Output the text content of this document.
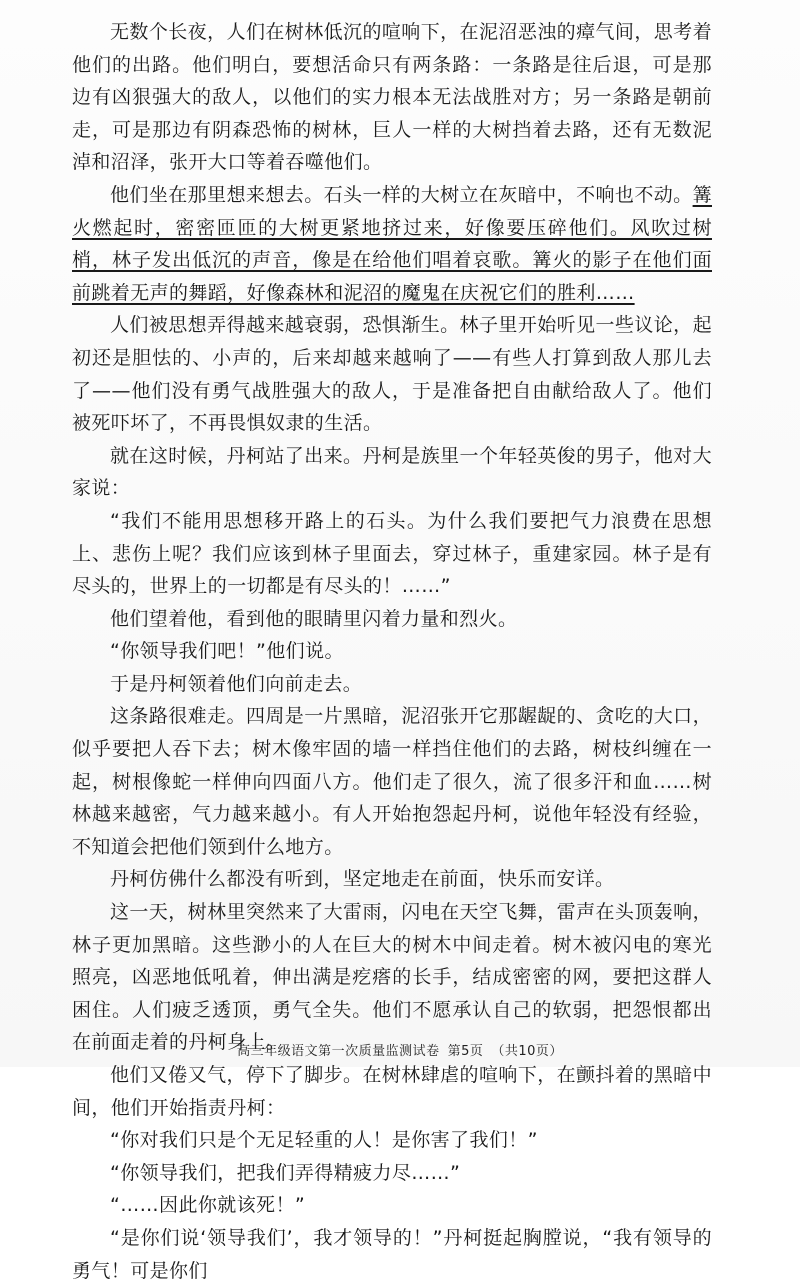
无数个长夜，人们在树林低沉的喧响下，在泥沼恶浊的瘴气间，思考着他们的出路。他们明白，要想活命只有两条路：一条路是往后退，可是那边有凶狠强大的敌人，以他们的实力根本无法战胜对方；另一条路是朝前走，可是那边有阴森恐怖的树林，巨人一样的大树挡着去路，还有无数泥淖和沼泽，张开大口等着吞噬他们。

他们坐在那里想来想去。石头一样的大树立在灰暗中，不响也不动。篝火燃起时，密密匝匝的大树更紧地挤过来，好像要压碎他们。风吹过树梢，林子发出低沉的声音，像是在给他们唱着哀歌。篝火的影子在他们面前跳着无声的舞蹈，好像森林和泥沼的魔鬼在庆祝它们的胜利……

人们被思想弄得越来越衰弱，恐惧渐生。林子里开始听见一些议论，起初还是胆怯的、小声的，后来却越来越响了——有些人打算到敌人那儿去了——他们没有勇气战胜强大的敌人，于是准备把自由献给敌人了。他们被死吓坏了，不再畏惧奴隶的生活。

就在这时候，丹柯站了出来。丹柯是族里一个年轻英俊的男子，他对大家说：

“我们不能用思想移开路上的石头。为什么我们要把气力浪费在思想上、悲伤上呢？我们应该到林子里面去，穿过林子，重建家园。林子是有尽头的，世界上的一切都是有尽头的！……”

他们望着他，看到他的眼睛里闪着力量和烈火。

“你领导我们吧！”他们说。

于是丹柯领着他们向前走去。

这条路很难走。四周是一片黑暗，泥沼张开它那龌龊的、贪吃的大口，似乎要把人吞下去；树木像牢固的墙一样挡住他们的去路，树枝纠缠在一起，树根像蛇一样伸向四面八方。他们走了很久，流了很多汗和血……树林越来越密，气力越来越小。有人开始抱怨起丹柯，说他年轻没有经验，不知道会把他们领到什么地方。

丹柯仿佛什么都没有听到，坚定地走在前面，快乐而安详。

这一天，树林里突然来了大雷雨，闪电在天空飞舞，雷声在头顶轰响，林子更加黑暗。这些渺小的人在巨大的树木中间走着。树木被闪电的寒光照亮，凶恶地低吼着，伸出满是疙瘩的长手，结成密密的网，要把这群人困住。人们疲乏透顶，勇气全失。他们不愿承认自己的软弱，把怨恨都出在前面走着的丹柯身上。

他们又倦又气，停下了脚步。在树林肆虐的喧响下，在颤抖着的黑暗中间，他们开始指责丹柯：

“你对我们只是个无足轻重的人！是你害了我们！”

“你领导我们，把我们弄得精疲力尽……”

“……因此你就该死！”

“是你们说‘领导我们’，我才领导的！”丹柯挺起胸膛说，“我有领导的勇气！可是你们

高三年级语文第一次质量监测试卷 第5页 （共10页）
